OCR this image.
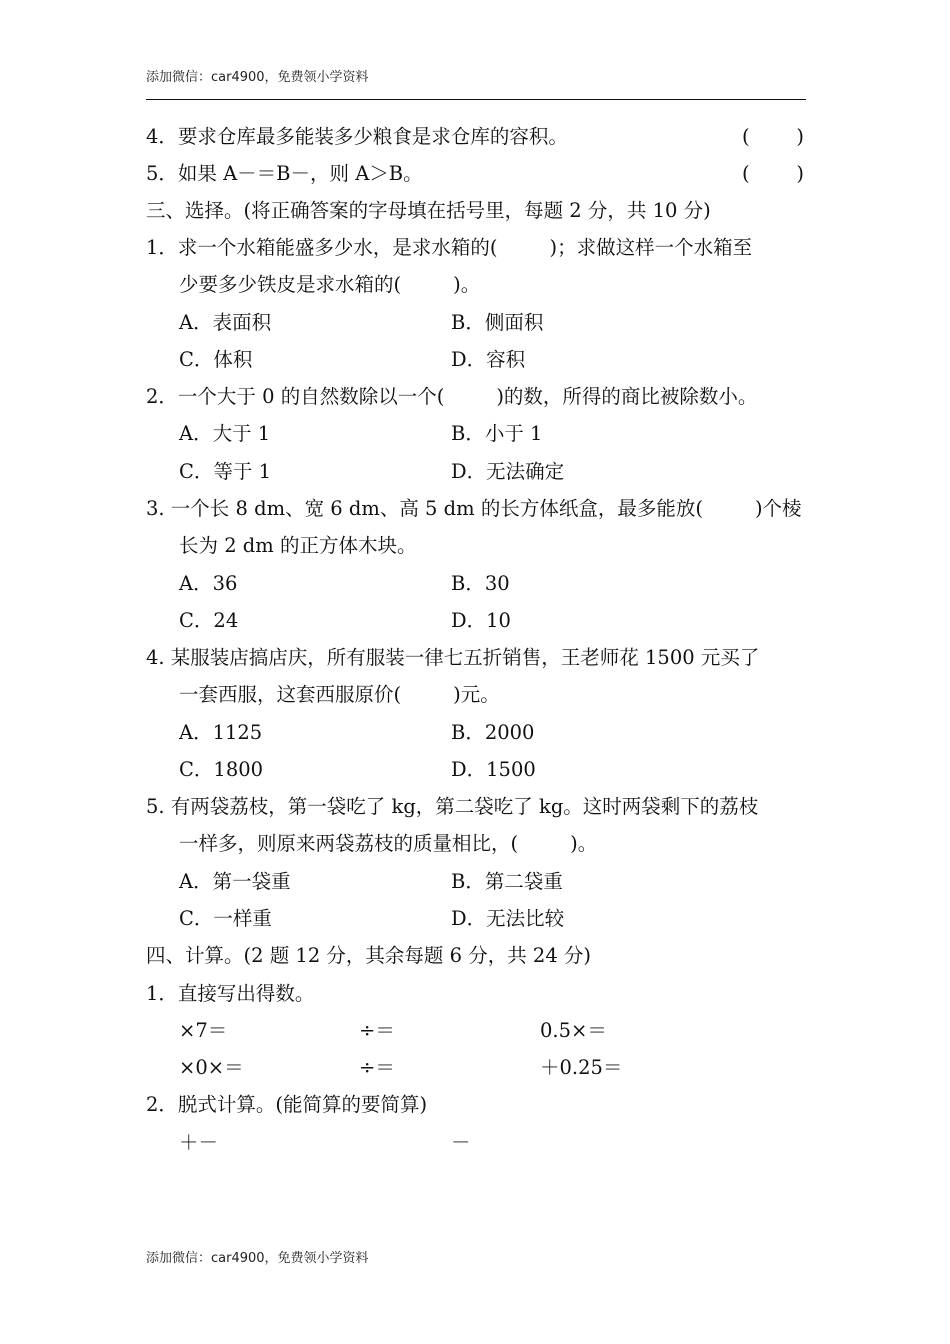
添加微信：car4900，免费领小学资料
4．要求仓库最多能装多少粮食是求仓库的容积。	( )
5．如果 A－＝B－，则 A＞B。	( )
三、选择。(将正确答案的字母填在括号里，每题 2 分，共 10 分)
1．求一个水箱能盛多少水，是求水箱的(	)；求做这样一个水箱至
少要多少铁皮是求水箱的(	)。
A．表面积	B．侧面积
C．体积	D．容积
2．一个大于 0 的自然数除以一个(	)的数，所得的商比被除数小。
A．大于 1	B．小于 1
C．等于 1	D．无法确定
3. 一个长 8 dm、宽 6 dm、高 5 dm 的长方体纸盒，最多能放(	)个棱
长为 2 dm 的正方体木块。
A．36	B．30
C．24	D．10
4. 某服装店搞店庆，所有服装一律七五折销售，王老师花 1500 元买了
一套西服，这套西服原价(	)元。
A．1125	B．2000
C．1800	D．1500
5. 有两袋荔枝，第一袋吃了 kg，第二袋吃了 kg。这时两袋剩下的荔枝
一样多，则原来两袋荔枝的质量相比，(	)。
A．第一袋重	B．第二袋重
C．一样重	D．无法比较
四、计算。(2 题 12 分，其余每题 6 分，共 24 分)
1．直接写出得数。
×7＝	÷＝	0.5×＝
×0×＝	÷＝	＋0.25＝
2．脱式计算。(能简算的要简算)
＋－	－
添加微信：car4900，免费领小学资料
